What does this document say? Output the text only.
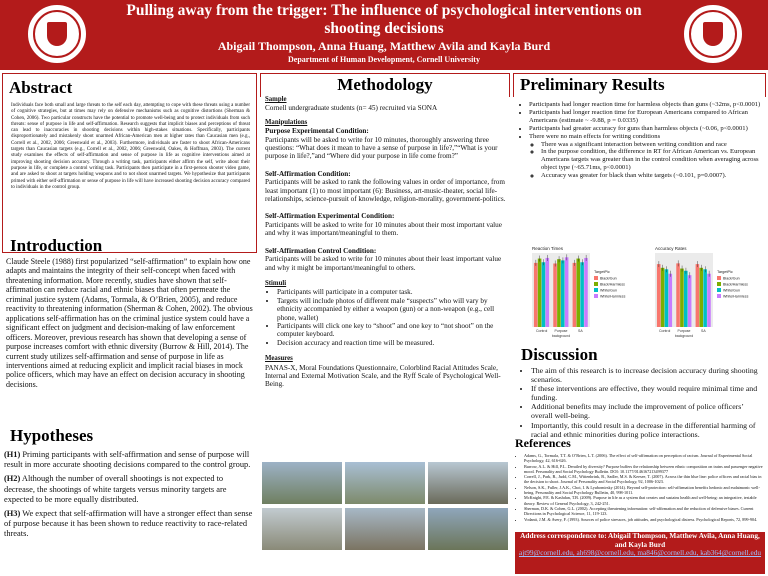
Pulling away from the trigger: The influence of psychological interventions on shooting decisions
Abigail Thompson, Anna Huang, Matthew Avila and Kayla Burd
Department of Human Development, Cornell University
Abstract

Individuals face both small and large threats to the self each day, attempting to cope with these threats using a number of cognitive strategies, but at times may rely on defensive mechanisms such as cognitive distortions (Sherman & Cohen, 2006). Two particular constructs have the potential to promote well-being and to protect individuals from such threats: sense of purpose in life and self-affirmation. Research suggests that implicit biases and perceptions of threat can lead to inaccuracies in shooting decisions within high-stakes situations. Specifically, participants disproportionately and mistakenly shoot unarmed African-American men at higher rates than Caucasian men (e.g., Correll et al., 2002, 2006; Greenwald et al., 2003). Furthermore, individuals are faster to shoot African-Americans targets than Caucasian targets (e.g., Correll et al., 2002, 2006; Greenwald, Oakes, & Hoffman, 2003). The current study examines the effects of self-affirmation and sense of purpose in life as cognitive interventions aimed at improving shooting decision accuracy. Through a writing task, participants either affirm the self, write about their purpose in life, or complete a control writing task. Participants then participate in a first-person shooter video game, and are asked to shoot at targets holding weapons and to not shoot unarmed targets. We hypothesize that participants primed with either self-affirmation or sense of purpose in life will have increased shooting decision accuracy compared to individuals in the control group.

Introduction

Claude Steele (1988) first popularized “self-affirmation” to explain how one adapts and maintains the integrity of their self-concept when faced with threatening information. More recently, studies have shown that self-affirmation can reduce racial and ethnic biases that often permeate the criminal justice system (Adams, Tormala, & O’Brien, 2005), and reduce reactivity to threatening information (Sherman & Cohen, 2002). The obvious applications self-affirmation has on the criminal justice system could have a significant effect on judgment and decision-making of law enforcement officers. Moreover, previous research has shown that developing a sense of purpose increases comfort with ethnic diversity (Burrow & Hill, 2014). The current study utilizes self-affirmation and sense of purpose in life as interventions aimed at reducing explicit and implicit racial biases in mock police officers, which may have an effect on decision accuracy in shooting decisions.

Hypotheses

(H1) Priming participants with self-affirmation and sense of purpose will result in more accurate shooting decisions compared to the control group.

(H2) Although the number of overall shootings is not expected to decrease, the shootings of white targets versus minority targets are expected to be more equally distributed.

(H3) We expect that self-affirmation will have a stronger effect than sense of purpose because it has been shown to reduce reactivity to race-related threats.

Methodology
Sample

Cornell undergraduate students (n= 45) recruited via SONA

Manipulations
Purpose Experimental Condition:

Participants will be asked to write for 10 minutes, thoroughly answering three questions: “What does it mean to have a sense of purpose in life?,”“What is your purpose in life?,”and “Where did your purpose in life come from?”

Self-Affirmation Condition:

Participants will be asked to rank the following values in order of importance, from least important (1) to most important (6): Business, art-music-theater, social life-relationships, science-pursuit of knowledge, religion-morality, government-politics.

Self-Affirmation Experimental Condition:

Participants will be asked to write for 10 minutes about their most important value and why it was important/meaningful to them.

Self-Affirmation Control Condition:

Participants will be asked to write for 10 minutes about their least important value and why it might be important/meaningful to others.

Stimuli
• Participants will participate in a computer task.
• Targets will include photos of different male “suspects” who will vary by ethnicity accompanied by either a weapon (gun) or a non-weapon (e.g., cell phone, wallet)
• Participants will click one key to “shoot” and one key to “not shoot” on the computer keyboard.
• Decision accuracy and reaction time will be measured.
Measures

PANAS-X, Moral Foundations Questionnaire, Colorblind Racial Attitudes Scale, Internal and External Motivation Scale, and the Ryff Scale of Psychological Well-Being.

Preliminary Results
• Participants had longer reaction time for harmless objects than guns (~32ms, p<0.0001)
• Participants had longer reaction time for European Americans compared to African Americans (estimate ~ -9.88, p = 0.0335)
• Participants had greater accuracy for guns than harmless objects (~0.06, p<0.0001)
• There were no main effects for writing conditions
◦ There was a significant interaction between writing condition and race
◦ In the purpose condition, the difference in RT for African American vs. European Americans targets was greater than in the control condition when averaging across object type (~65.71ms, p<0.0001)
◦ Accuracy was greater for black than white targets (~0.101, p=0.0007).
Reaction Times
Control Purpose	SA
background
TargetPic
Black/Gun
Black/Harmless
White/Gun
White/Harmless
Accuracy Rates
Control Purpose	SA
background
TargetPic
Black/Gun
Black/Harmless
White/Gun
White/Harmless
Discussion
• The aim of this research is to increase decision accuracy during shooting scenarios.
• If these interventions are effective, they would require minimal time and funding.
• Additional benefits may include the improvement of police officers’ overall well-being.
• Importantly, this could result in a decrease in the differential harming of racial and ethnic minorities during police interactions.
References
• Adams, G., Tormala, T.T. & O’Brien, L.T. (2006). The effect of self-affirmation on perception of racism. Journal of Experimental Social Psychology, 42, 616-626.
• Burrow, A.L. & Hill, P.L. Derailed by diversity? Purpose buffers the relationship between ethnic composition on trains and passenger negative mood. Personality and Social Psychology Bulletin. DOI: 10.1177/0146167213499377
• Correll, J., Park, B., Judd, C.M., Wittenbrink, B., Sadler, M.S. & Keesee, T. (2007). Across the thin blue line: police officers and racial bias in the decision to shoot. Journal of Personality and Social Psychology, 92, 1006-1023.
• Nelson, S.K., Fuller, J.A.K., Choi, I. & Lyubomirsky (2014). Beyond self-protection: self-affirmation benefits hedonic and eudaimonic well-being. Personality and Social Psychology Bulletin, 40, 998-1011.
• McKnight, P.E. & Kashdan, T.B. (2009). Purpose in life as a system that creates and sustains health and well-being: an integrative, testable theory. Review of General Psychology, 3, 242-251.
• Sherman, D.K. & Cohen, G.L. (2002). Accepting threatening information: self-affirmation and the reduction of defensive biases. Current Directions in Psychological Science, 11, 119-123.
• Vodanti, J.M. & Avery, F. (1993). Sources of police stressors, job attitudes, and psychological distress. Psychological Reports, 72, 899-904.
Address correspondence to: Abigail Thompson, Matthew Avila, Anna Huang, and Kayla Burd
ajt99@cornell.edu, ah698@cornell.edu, ma846@cornell.edu, kab364@cornell.edu
